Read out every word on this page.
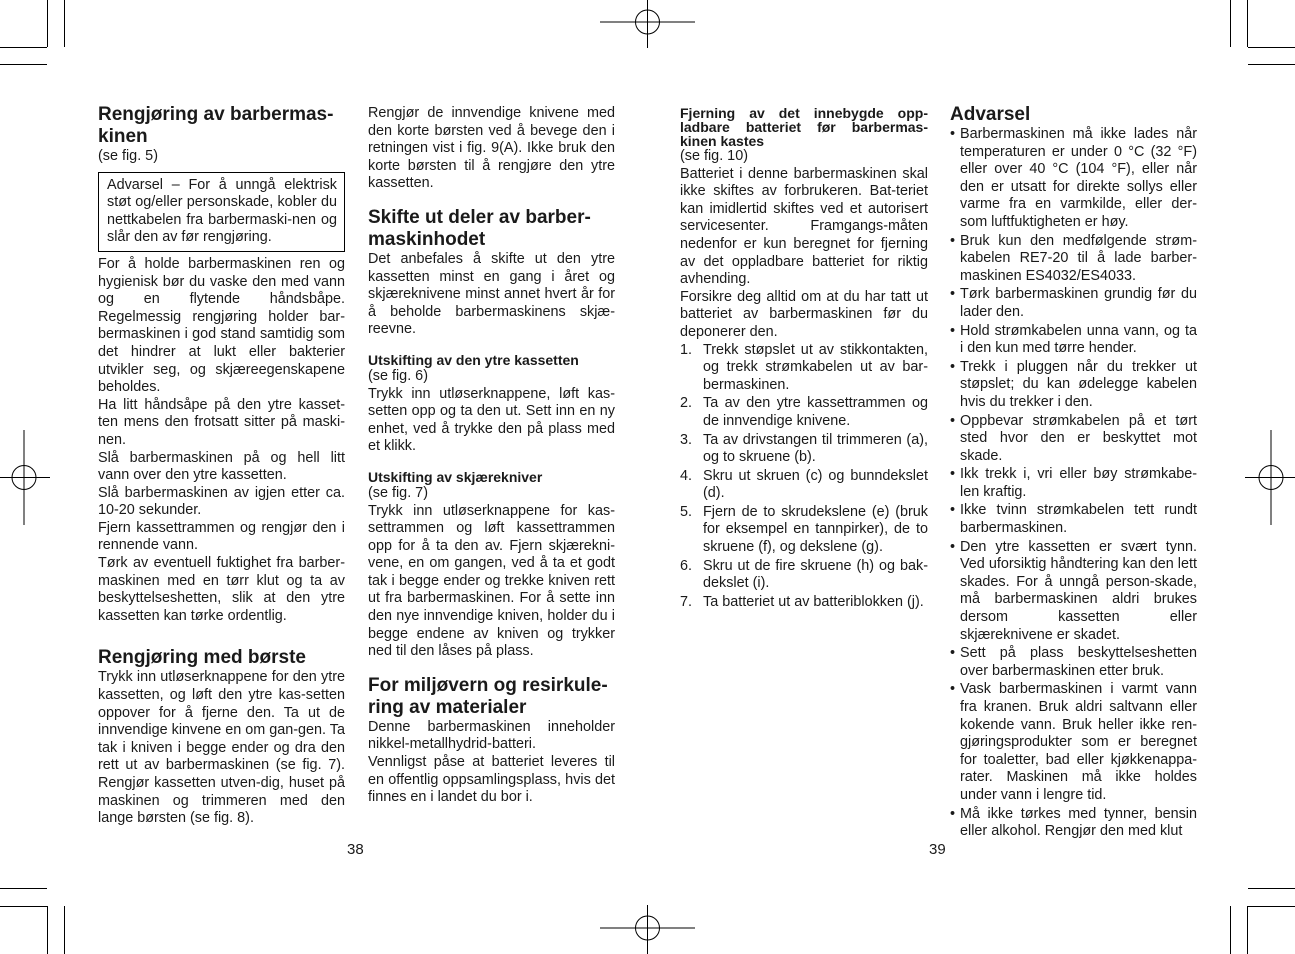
Rengjøring av barbermas-
kinen

(se fig. 5)

Advarsel – For å unngå elektrisk støt og/eller personskade, kobler du nettkabelen fra barbermaski-nen og slår den av før rengjøring.

For å holde barbermaskinen ren og hygienisk bør du vaske den med vann og en flytende håndsbåpe. Regelmessig rengjøring holder bar-bermaskinen i god stand samtidig som det hindrer at lukt eller bakterier utvikler seg, og skjæreegenskapene beholdes.

Ha litt håndsåpe på den ytre kasset-ten mens den frotsatt sitter på maski-nen.

Slå barbermaskinen på og hell litt vann over den ytre kassetten.

Slå barbermaskinen av igjen etter ca. 10-20 sekunder.

Fjern kassettrammen og rengjør den i rennende vann.

Tørk av eventuell fuktighet fra barber-maskinen med en tørr klut og ta av beskyttelseshetten, slik at den ytre kassetten kan tørke ordentlig.

Rengjøring med børste

Trykk inn utløserknappene for den ytre kassetten, og løft den ytre kas-setten oppover for å fjerne den. Ta ut de innvendige kinvene en om gan-gen. Ta tak i kniven i begge ender og dra den rett ut av barbermaskinen (se fig. 7). Rengjør kassetten utven-dig, huset på maskinen og trimmeren med den lange børsten (se fig. 8).

Rengjør de innvendige knivene med den korte børsten ved å bevege den i retningen vist i fig. 9(A). Ikke bruk den korte børsten til å rengjøre den ytre kassetten.

Skifte ut deler av barber-
maskinhodet

Det anbefales å skifte ut den ytre kassetten minst en gang i året og skjæreknivene minst annet hvert år for å beholde barbermaskinens skjæ-reevne.

Utskifting av den ytre kassetten

(se fig. 6)

Trykk inn utløserknappene, løft kas-setten opp og ta den ut. Sett inn en ny enhet, ved å trykke den på plass med et klikk.

Utskifting av skjærekniver

(se fig. 7)

Trykk inn utløserknappene for kas-settrammen og løft kassettrammen opp for å ta den av. Fjern skjærekni-vene, en om gangen, ved å ta et godt tak i begge ender og trekke kniven rett ut fra barbermaskinen. For å sette inn den nye innvendige kniven, holder du i begge endene av kniven og trykker ned til den låses på plass.

For miljøvern og resirkule-
ring av materialer

Denne barbermaskinen inneholder nikkel-metallhydrid-batteri.

Vennligst påse at batteriet leveres til en offentlig oppsamlingsplass, hvis det finnes en i landet du bor i.

38
Fjerning av det innebygde opp-ladbare batteriet før barbermas-kinen kastes

(se fig. 10)

Batteriet i denne barbermaskinen skal ikke skiftes av forbrukeren. Bat-teriet kan imidlertid skiftes ved et autorisert servicesenter. Framgangs-måten nedenfor er kun beregnet for fjerning av det oppladbare batteriet for riktig avhending.

Forsikre deg alltid om at du har tatt ut batteriet av barbermaskinen før du deponerer den.

1. Trekk støpslet ut av stikkontakten, og trekk strømkabelen ut av bar-bermaskinen.
2. Ta av den ytre kassettrammen og de innvendige knivene.
3. Ta av drivstangen til trimmeren (a), og to skruene (b).
4. Skru ut skruen (c) og bunndekslet (d).
5. Fjern de to skrudekslene (e) (bruk for eksempel en tannpirker), de to skruene (f), og dekslene (g).
6. Skru ut de fire skruene (h) og bak-dekslet (i).
7. Ta batteriet ut av batteriblokken (j).
Advarsel
• Barbermaskinen må ikke lades når temperaturen er under 0 °C (32 °F) eller over 40 °C (104 °F), eller når den er utsatt for direkte sollys eller varme fra en varmkilde, eller der-som luftfuktigheten er høy.
• Bruk kun den medfølgende strøm-kabelen RE7-20 til å lade barber-maskinen ES4032/ES4033.
• Tørk barbermaskinen grundig før du lader den.
• Hold strømkabelen unna vann, og ta i den kun med tørre hender.
• Trekk i pluggen når du trekker ut støpslet; du kan ødelegge kabelen hvis du trekker i den.
• Oppbevar strømkabelen på et tørt sted hvor den er beskyttet mot skade.
• Ikk trekk i, vri eller bøy strømkabe-len kraftig.
• Ikke tvinn strømkabelen tett rundt barbermaskinen.
• Den ytre kassetten er svært tynn. Ved uforsiktig håndtering kan den lett skades. For å unngå person-skade, må barbermaskinen aldri brukes dersom kassetten eller skjæreknivene er skadet.
• Sett på plass beskyttelseshetten over barbermaskinen etter bruk.
• Vask barbermaskinen i varmt vann fra kranen. Bruk aldri saltvann eller kokende vann. Bruk heller ikke ren-gjøringsprodukter som er beregnet for toaletter, bad eller kjøkkenappa-rater. Maskinen må ikke holdes under vann i lengre tid.
• Må ikke tørkes med tynner, bensin eller alkohol. Rengjør den med klut
39
